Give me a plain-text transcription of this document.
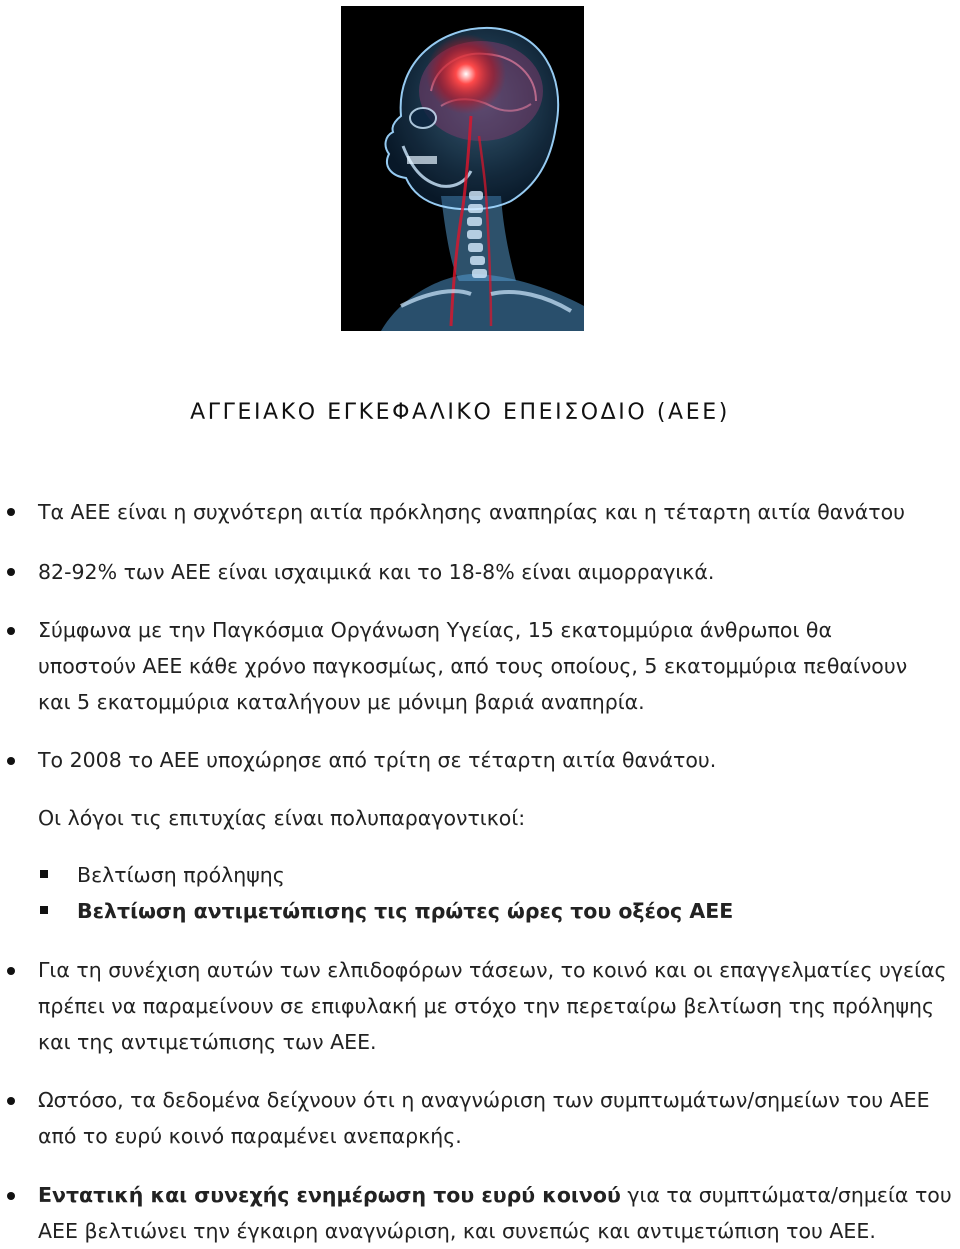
ΑΓΓΕΙΑΚΟ ΕΓΚΕΦΑΛΙΚΟ ΕΠΕΙΣΟΔΙΟ (ΑΕΕ)
Τα ΑΕΕ είναι η συχνότερη αιτία πρόκλησης αναπηρίας και η τέταρτη αιτία θανάτου
82-92% των ΑΕΕ είναι ισχαιμικά και το 18-8% είναι αιμορραγικά.
Σύμφωνα με την Παγκόσμια Οργάνωση Υγείας, 15 εκατομμύρια άνθρωποι θα
υποστούν ΑΕΕ κάθε χρόνο παγκοσμίως, από τους οποίους, 5 εκατομμύρια πεθαίνουν
και 5 εκατομμύρια καταλήγουν με μόνιμη βαριά αναπηρία.
Το 2008 το ΑΕΕ υποχώρησε από τρίτη σε τέταρτη αιτία θανάτου.
Οι λόγοι τις επιτυχίας είναι πολυπαραγοντικοί:
Βελτίωση πρόληψης
Βελτίωση αντιμετώπισης τις πρώτες ώρες του οξέος ΑΕΕ
Για τη συνέχιση αυτών των ελπιδοφόρων τάσεων, το κοινό και οι επαγγελματίες υγείας
πρέπει να παραμείνουν σε επιφυλακή με στόχο την περεταίρω βελτίωση της πρόληψης
και της αντιμετώπισης των ΑΕΕ.
Ωστόσο, τα δεδομένα δείχνουν ότι η αναγνώριση των συμπτωμάτων/σημείων του ΑΕΕ
από το ευρύ κοινό παραμένει ανεπαρκής.
Εντατική και συνεχής ενημέρωση του ευρύ κοινού για τα συμπτώματα/σημεία του
ΑΕΕ βελτιώνει την έγκαιρη αναγνώριση, και συνεπώς και αντιμετώπιση του ΑΕΕ.
